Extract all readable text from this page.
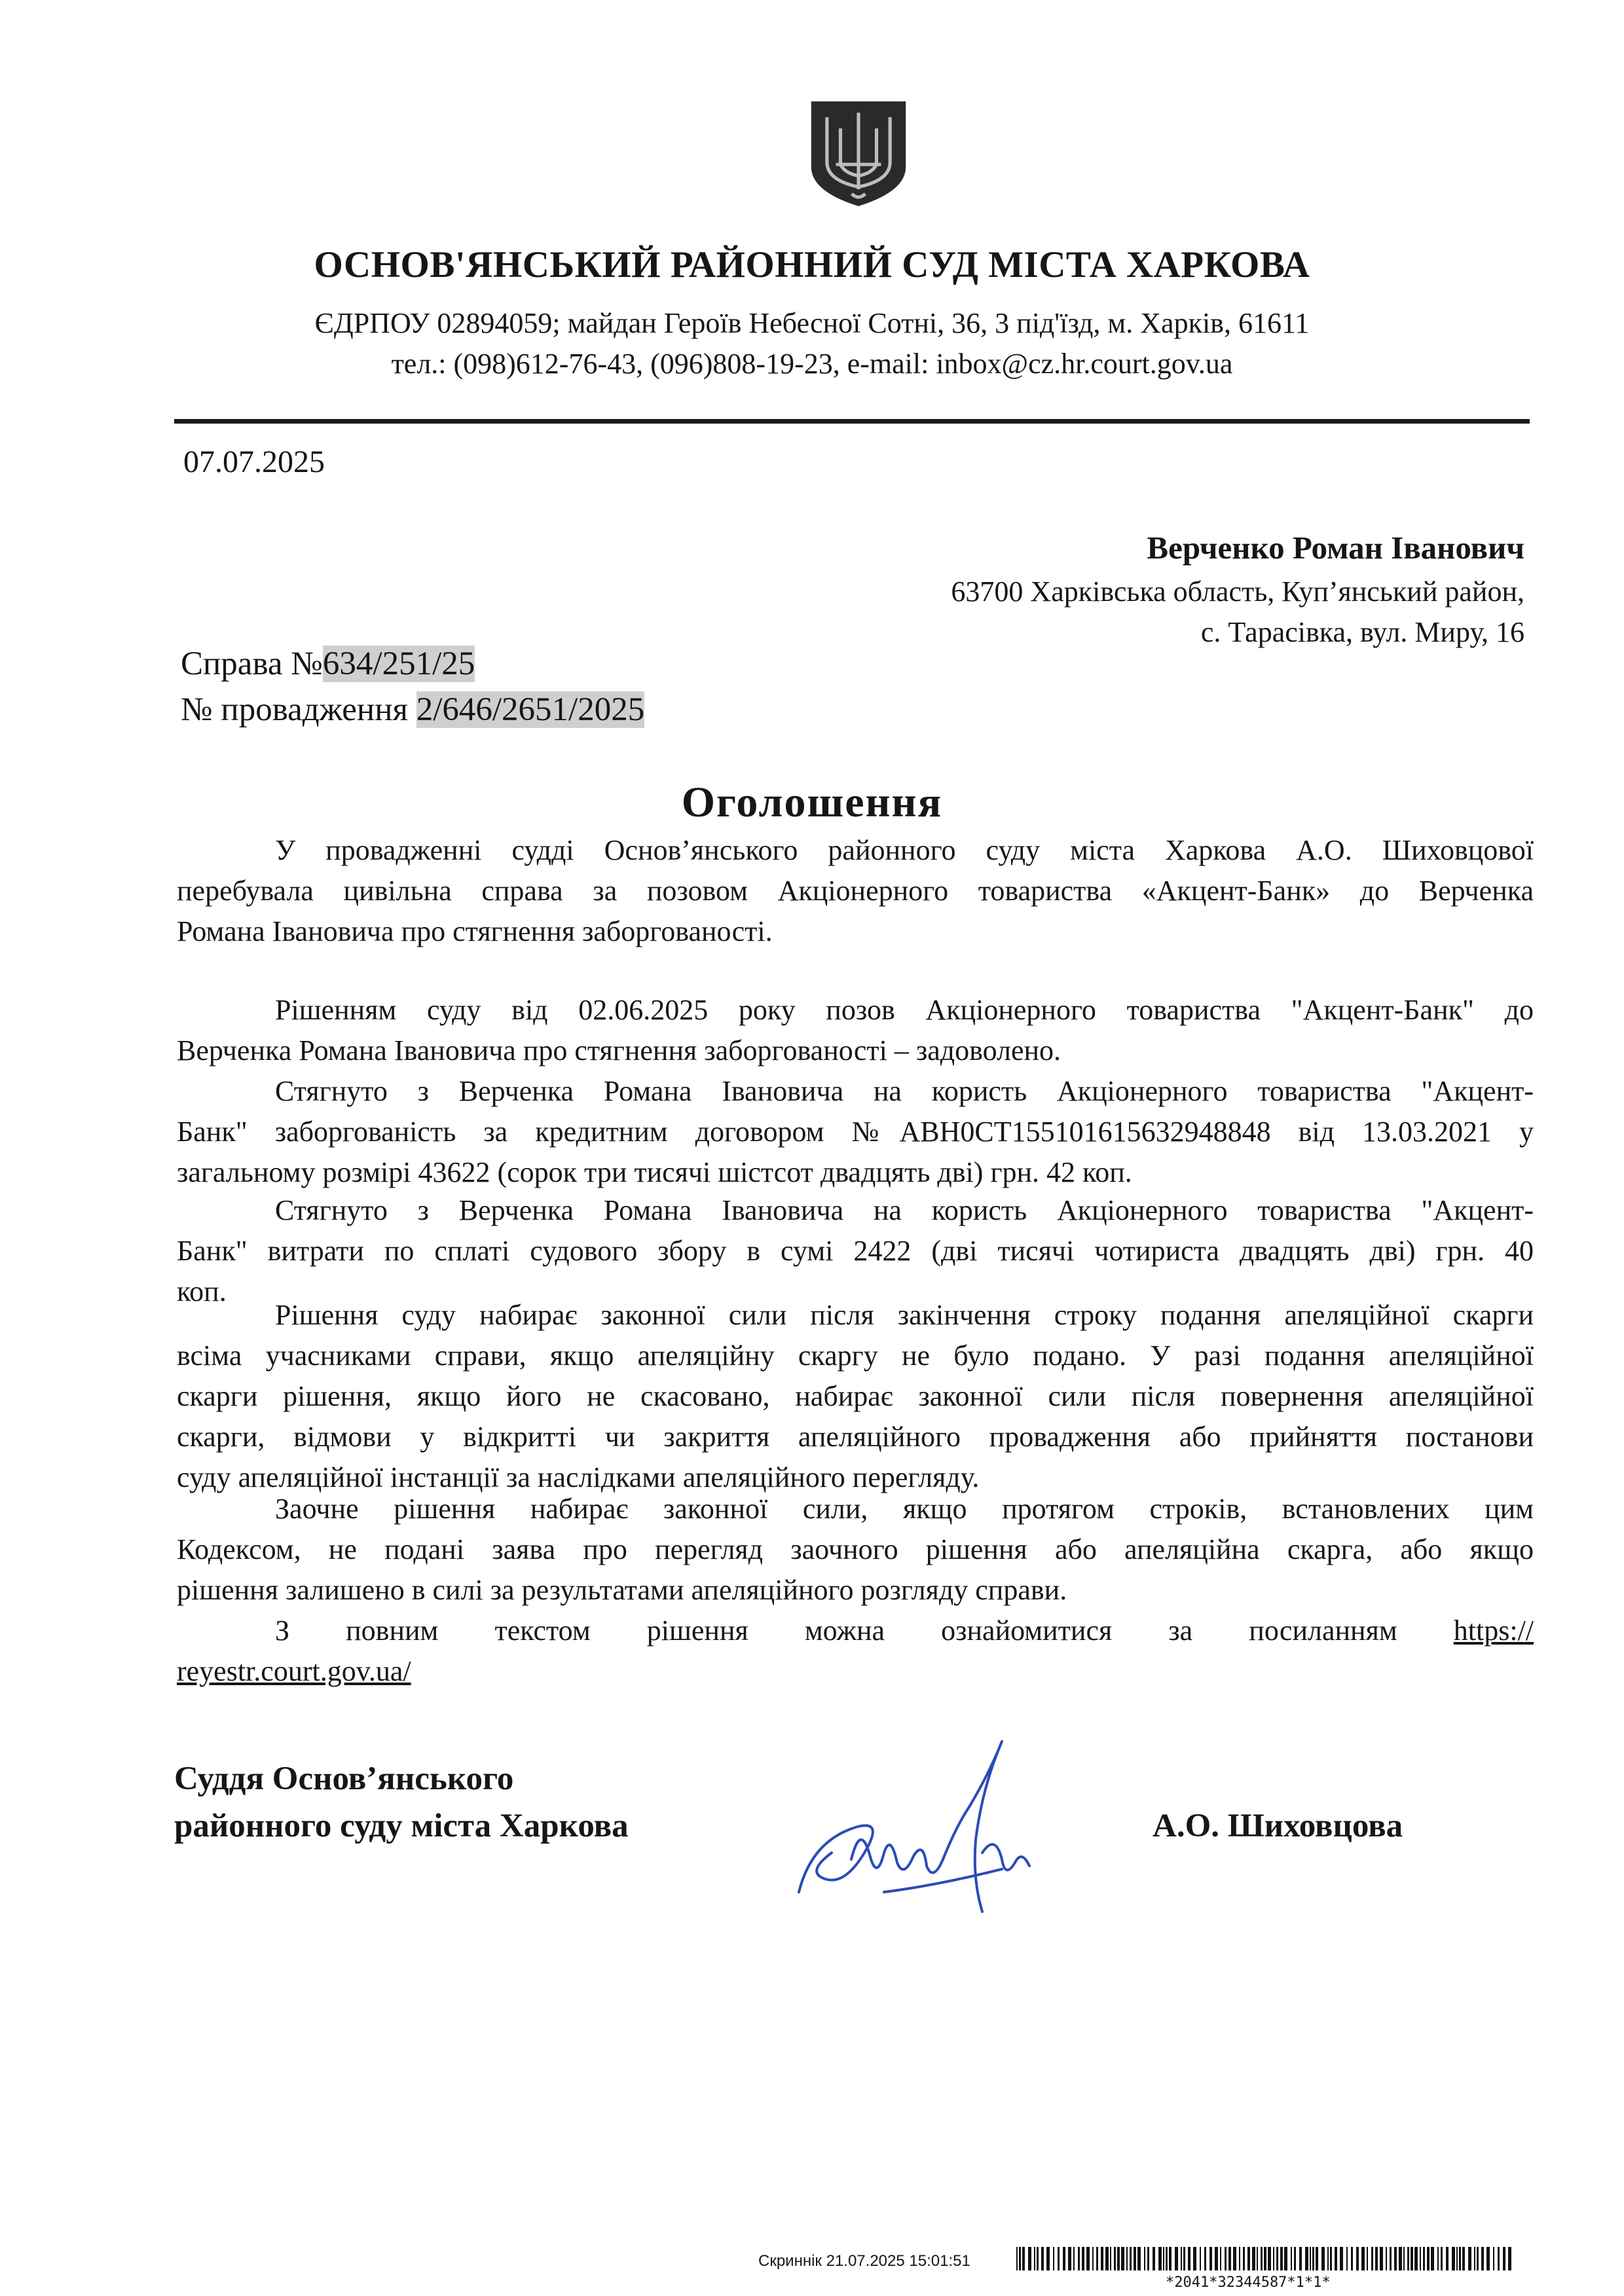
ОСНОВ'ЯНСЬКИЙ РАЙОННИЙ СУД МІСТА ХАРКОВА
ЄДРПОУ 02894059; майдан Героїв Небесної Сотні, 36, 3 під'їзд, м. Харків, 61611
тел.: (098)612-76-43, (096)808-19-23, e-mail: inbox@cz.hr.court.gov.ua
07.07.2025
Верченко Роман Іванович
63700 Харківська область, Куп’янський район,
с. Тарасівка, вул. Миру, 16
Справа №634/251/25
№ провадження 2/646/2651/2025
Оголошення
У провадженні судді Основ’янського районного суду міста Харкова А.О. Шиховцової
перебувала цивільна справа за позовом Акціонерного товариства «Акцент-Банк» до Верченка
Романа Івановича про стягнення заборгованості.
Рішенням суду від 02.06.2025 року позов Акціонерного товариства "Акцент-Банк" до
Верченка Романа Івановича про стягнення заборгованості – задоволено.
Стягнуто з Верченка Романа Івановича на користь Акціонерного товариства "Акцент-
Банк" заборгованість за кредитним договором №ABH0CT155101615632948848 від 13.03.2021 у
загальному розмірі 43622 (сорок три тисячі шістсот двадцять дві) грн. 42 коп.
Стягнуто з Верченка Романа Івановича на користь Акціонерного товариства "Акцент-
Банк" витрати по сплаті судового збору в сумі 2422 (дві тисячі чотириста двадцять дві) грн. 40
коп.
Рішення суду набирає законної сили після закінчення строку подання апеляційної скарги
всіма учасниками справи, якщо апеляційну скаргу не було подано. У разі подання апеляційної
скарги рішення, якщо його не скасовано, набирає законної сили після повернення апеляційної
скарги, відмови у відкритті чи закриття апеляційного провадження або прийняття постанови
суду апеляційної інстанції за наслідками апеляційного перегляду.
Заочне рішення набирає законної сили, якщо протягом строків, встановлених цим
Кодексом, не подані заява про перегляд заочного рішення або апеляційна скарга, або якщо
рішення залишено в силі за результатами апеляційного розгляду справи.
З повним текстом рішення можна ознайомитися за посиланням https://
reyestr.court.gov.ua/
Суддя Основ’янського
районного суду міста Харкова	А.О. Шиховцова
Скриннік 21.07.2025 15:01:51
*2041*32344587*1*1*
